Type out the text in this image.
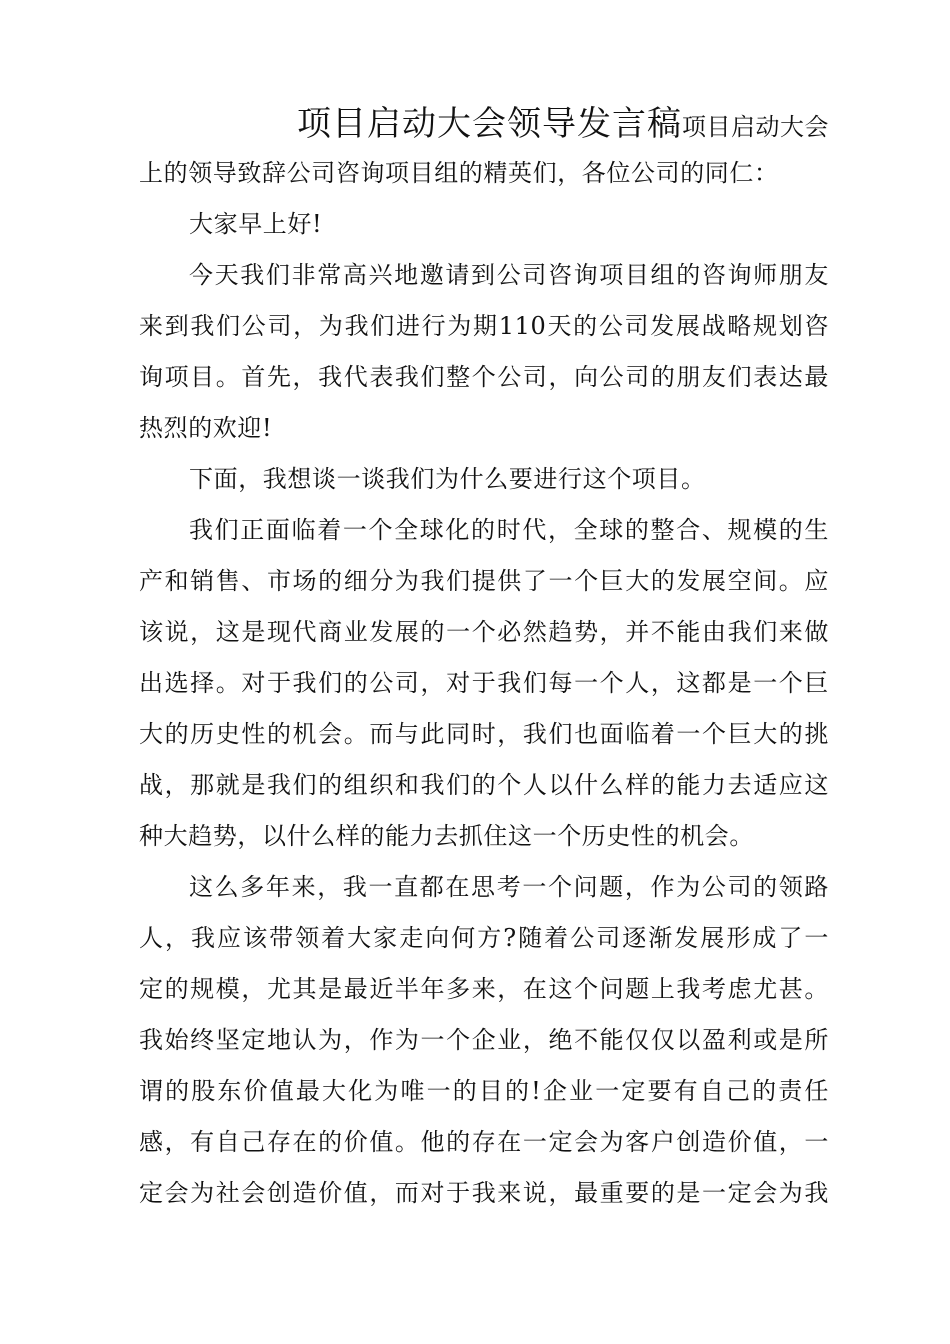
项目启动大会领导发言稿项目启动大会
上的领导致辞公司咨询项目组的精英们，各位公司的同仁：
大家早上好!
今天我们非常高兴地邀请到公司咨询项目组的咨询师朋友
来到我们公司，为我们进行为期110天的公司发展战略规划咨
询项目。首先，我代表我们整个公司，向公司的朋友们表达最
热烈的欢迎!
下面，我想谈一谈我们为什么要进行这个项目。
我们正面临着一个全球化的时代，全球的整合、规模的生
产和销售、市场的细分为我们提供了一个巨大的发展空间。应
该说，这是现代商业发展的一个必然趋势，并不能由我们来做
出选择。对于我们的公司，对于我们每一个人，这都是一个巨
大的历史性的机会。而与此同时，我们也面临着一个巨大的挑
战，那就是我们的组织和我们的个人以什么样的能力去适应这
种大趋势，以什么样的能力去抓住这一个历史性的机会。
这么多年来，我一直都在思考一个问题，作为公司的领路
人，我应该带领着大家走向何方?随着公司逐渐发展形成了一
定的规模，尤其是最近半年多来，在这个问题上我考虑尤甚。
我始终坚定地认为，作为一个企业，绝不能仅仅以盈利或是所
谓的股东价值最大化为唯一的目的!企业一定要有自己的责任
感，有自己存在的价值。他的存在一定会为客户创造价值，一
定会为社会创造价值，而对于我来说，最重要的是一定会为我
